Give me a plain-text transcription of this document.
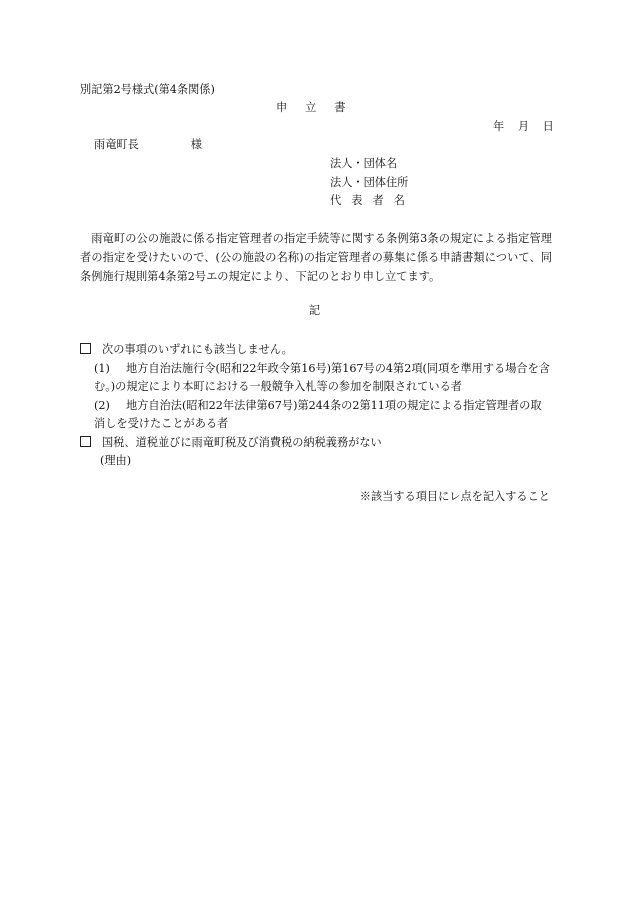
別記第2号様式(第4条関係)
申立書
年 月 日
雨竜町長	様
法人・団体名
法人・団体住所
代表者名
雨竜町の公の施設に係る指定管理者の指定手続等に関する条例第3条の規定による指定管理者の指定を受けたいので、(公の施設の名称)の指定管理者の募集に係る申請書類について、同条例施行規則第4条第2号エの規定により、下記のとおり申し立てます。
記
次の事項のいずれにも該当しません。
(1) 地方自治法施行令(昭和22年政令第16号)第167号の4第2項(同項を準用する場合を含む。)の規定により本町における一般競争入札等の参加を制限されている者
(2) 地方自治法(昭和22年法律第67号)第244条の2第11項の規定による指定管理者の取消しを受けたことがある者
国税、道税並びに雨竜町税及び消費税の納税義務がない
(理由)
※該当する項目にレ点を記入すること
